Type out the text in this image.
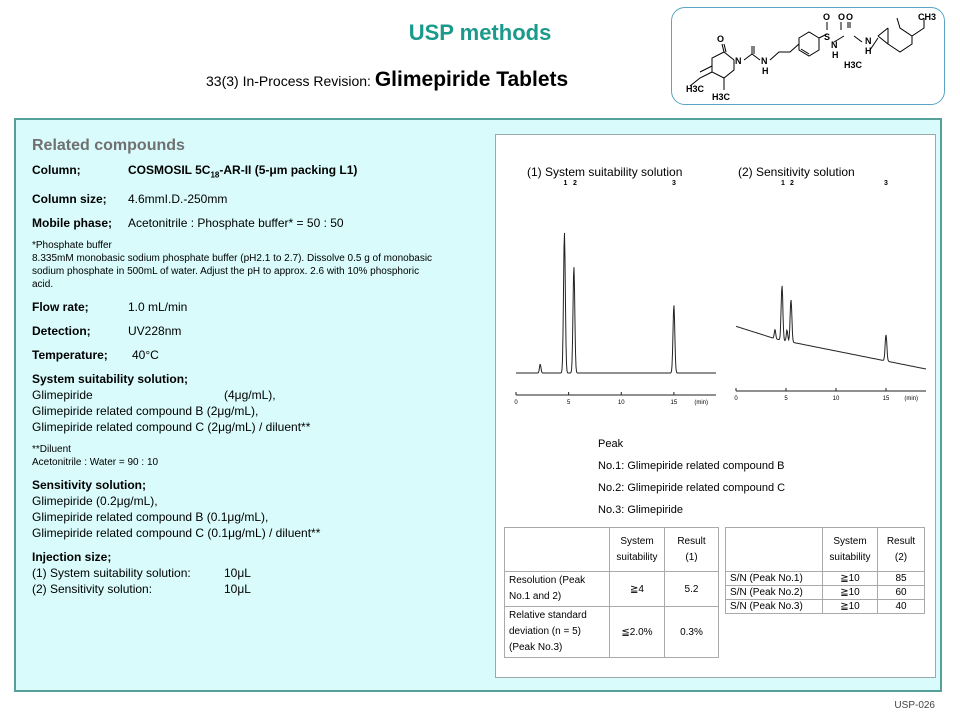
USP methods
33(3) In-Process Revision: Glimepiride Tablets
CH3
S
O O
N
N
H	H
O
N
O
N
H
H3C
H3C
H3C
Related compounds
Column;	COSMOSIL $5C_{18}-AR-II$ (5-μm packing L1)
Column size;	4.6mmI.D.-250mm
Mobile phase;	Acetonitrile : Phosphate buffer* = 50 : 50
*Phosphate buffer
8.335mM monobasic sodium phosphate buffer (pH2.1 to 2.7). Dissolve 0.5 g of monobasic
sodium phosphate in 500mL of water. Adjust the pH to approx. 2.6 with 10% phosphoric
acid.
Flow rate;	1.0 mL/min
Detection;	UV228nm
Temperature;	40°C
System suitability solution;
Glimepiride	(4μg/mL),
Glimepiride related compound B (2μg/mL),
Glimepiride related compound C (2μg/mL) / diluent**
**Diluent
Acetonitrile : Water = 90 : 10
Sensitivity solution;
Glimepiride (0.2μg/mL),
Glimepiride related compound B (0.1μg/mL),
Glimepiride related compound C (0.1μg/mL) / diluent**
Injection size;
(1) System suitability solution:	10μL
(2) Sensitivity solution:	10μL
(1) System suitability solution	(2) Sensitivity solution
0	5	10	15	(min)
1 2	3
0	5	10	15 (min)
1 2	3
Peak
No.1: Glimepiride related compound B
No.2: Glimepiride related compound C
No.3: Glimepiride
	System
suitability	Result
(1)
Resolution (Peak No.1 and 2)	≧4	5.2
Relative standard deviation (n = 5)(Peak No.3)	≦2.0%	0.3%
	System
suitability	Result
(2)
S/N (Peak No.1)	≧10	85
S/N (Peak No.2)	≧10	60
S/N (Peak No.3)	≧10	40
USP-026
